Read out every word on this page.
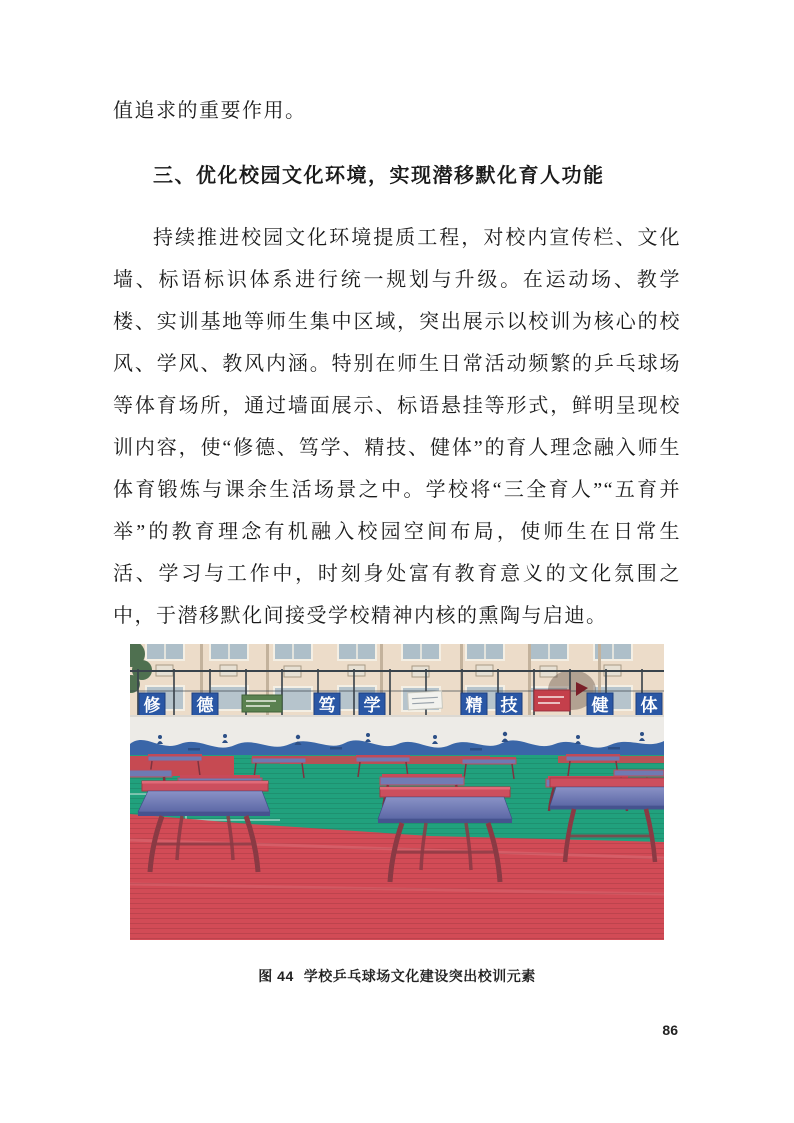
值追求的重要作用。

三、优化校园文化环境，实现潜移默化育人功能

持续推进校园文化环境提质工程，对校内宣传栏、文化墙、标语标识体系进行统一规划与升级。在运动场、教学楼、实训基地等师生集中区域，突出展示以校训为核心的校风、学风、教风内涵。特别在师生日常活动频繁的乒乓球场等体育场所，通过墙面展示、标语悬挂等形式，鲜明呈现校训内容，使“修德、笃学、精技、健体”的育人理念融入师生体育锻炼与课余生活场景之中。学校将“三全育人”“五育并举”的教育理念有机融入校园空间布局，使师生在日常生活、学习与工作中，时刻身处富有教育意义的文化氛围之中，于潜移默化间接受学校精神内核的熏陶与启迪。

修 德	笃 学	精 技	健 体
图 44 学校乒乓球场文化建设突出校训元素
86
